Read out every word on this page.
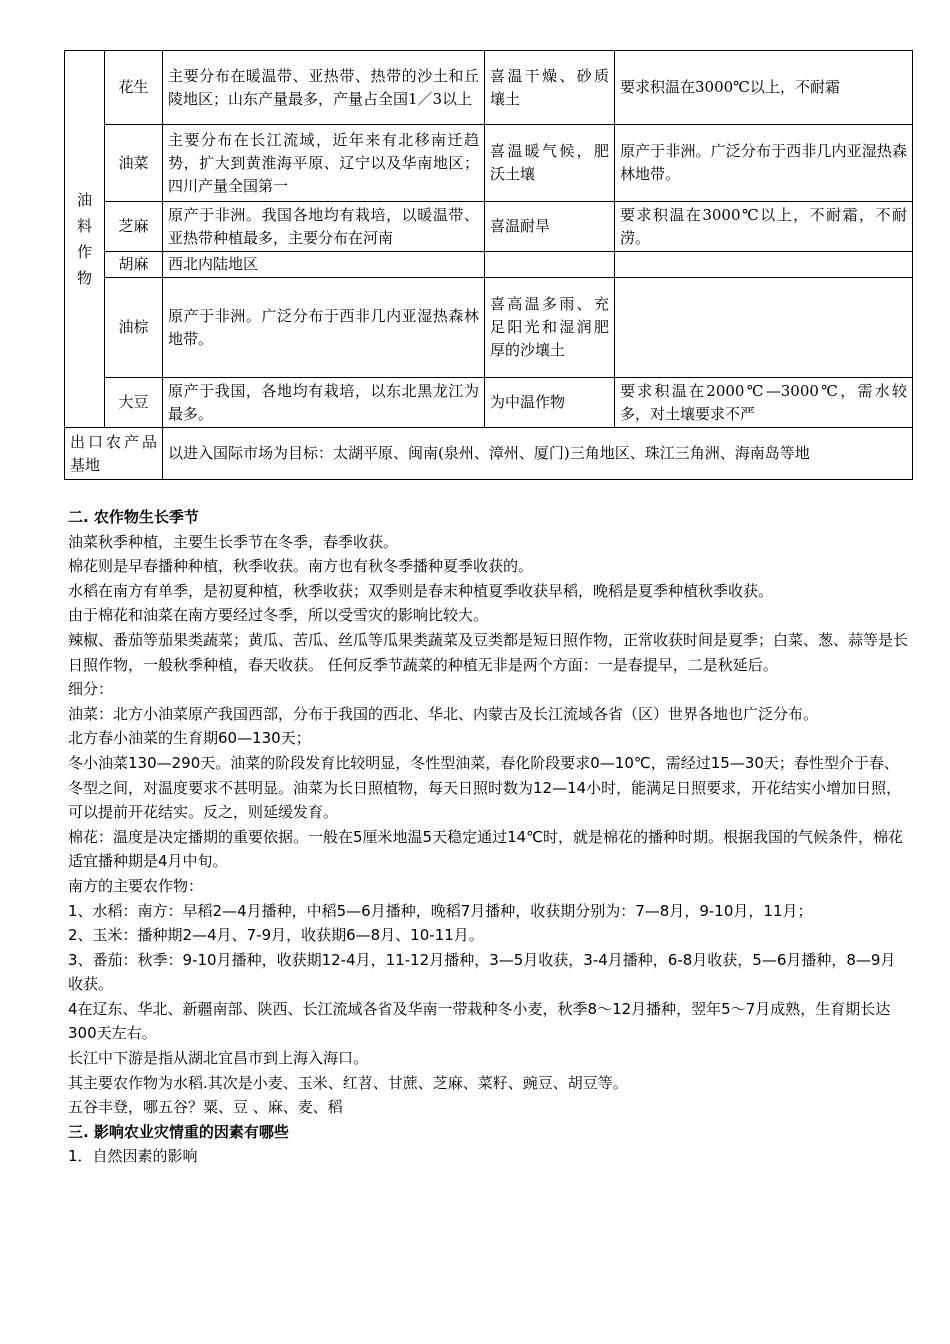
油料作物	花生	主要分布在暖温带、亚热带、热带的沙土和丘陵地区；山东产量最多，产量占全国1／3以上	喜温干燥、砂质壤土	要求积温在3000℃以上，不耐霜
	油菜	主要分布在长江流域，近年来有北移南迁趋势，扩大到黄淮海平原、辽宁以及华南地区；四川产量全国第一	喜温暖气候，肥沃土壤	原产于非洲。广泛分布于西非几内亚湿热森林地带。
	芝麻	原产于非洲。我国各地均有栽培，以暖温带、亚热带种植最多，主要分布在河南	喜温耐旱	要求积温在3000℃以上，不耐霜，不耐涝。
	胡麻	西北内陆地区		
	油棕	原产于非洲。广泛分布于西非几内亚湿热森林地带。	喜高温多雨、充足阳光和湿润肥厚的沙壤土	
	大豆	原产于我国，各地均有栽培，以东北黑龙江为最多。	为中温作物	要求积温在2000℃—3000℃，需水较多，对土壤要求不严
出口农产品基地		以进入国际市场为目标：太湖平原、闽南(泉州、漳州、厦门)三角地区、珠江三角洲、海南岛等地		

二. 农作物生长季节

油菜秋季种植，主要生长季节在冬季，春季收获。

棉花则是早春播种种植，秋季收获。南方也有秋冬季播种夏季收获的。

水稻在南方有单季，是初夏种植，秋季收获；双季则是春末种植夏季收获早稻，晚稻是夏季种植秋季收获。

由于棉花和油菜在南方要经过冬季，所以受雪灾的影响比较大。

辣椒、番茄等茄果类蔬菜；黄瓜、苦瓜、丝瓜等瓜果类蔬菜及豆类都是短日照作物，正常收获时间是夏季；白菜、葱、蒜等是长日照作物，一般秋季种植，春天收获。 任何反季节蔬菜的种植无非是两个方面：一是春提早，二是秋延后。

细分：

油菜：北方小油菜原产我国西部，分布于我国的西北、华北、内蒙古及长江流域各省（区）世界各地也广泛分布。

北方春小油菜的生育期60—130天；

冬小油菜130—290天。油菜的阶段发育比较明显，冬性型油菜，春化阶段要求0—10℃，需经过15—30天；春性型介于春、冬型之间，对温度要求不甚明显。油菜为长日照植物，每天日照时数为12—14小时，能满足日照要求，开花结实小增加日照，可以提前开花结实。反之，则延缓发育。

棉花：温度是决定播期的重要依据。一般在5厘米地温5天稳定通过14℃时，就是棉花的播种时期。根据我国的气候条件，棉花适宜播种期是4月中旬。

南方的主要农作物：

1、水稻：南方：早稻2—4月播种，中稻5—6月播种，晚稻7月播种，收获期分别为：7—8月，9-10月，11月；

2、玉米：播种期2—4月、7-9月，收获期6—8月、10-11月。

3、番茄：秋季：9-10月播种，收获期12-4月，11-12月播种，3—5月收获，3-4月播种，6-8月收获，5—6月播种，8—9月收获。

4在辽东、华北、新疆南部、陕西、长江流域各省及华南一带栽种冬小麦，秋季8～12月播种，翌年5～7月成熟，生育期长达300天左右。

长江中下游是指从湖北宜昌市到上海入海口。

其主要农作物为水稻.其次是小麦、玉米、红苕、甘蔗、芝麻、菜籽、豌豆、胡豆等。

五谷丰登，哪五谷？粟、豆 、麻、麦、稻

三. 影响农业灾情重的因素有哪些

1．自然因素的影响
